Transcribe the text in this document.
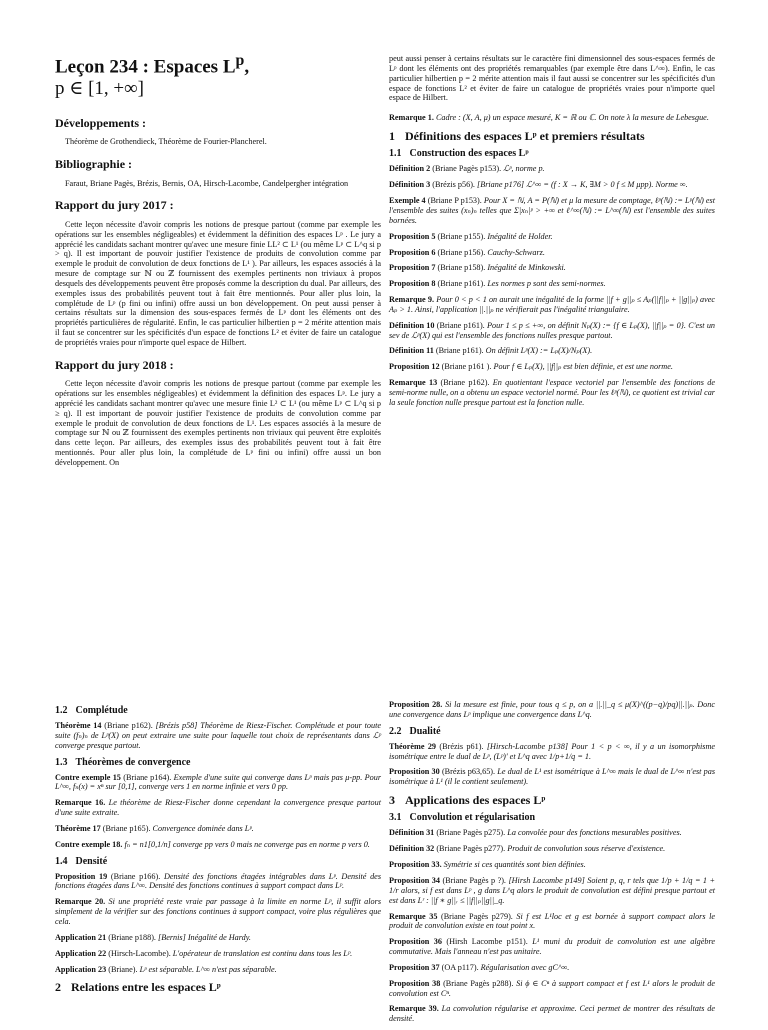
Leçon 234 : Espaces $L^p$,
p ∈ [1, +∞]
Développements :

Théorème de Grothendieck, Théorème de Fourier-Plancherel.

Bibliographie :

Faraut, Briane Pagès, Brézis, Bernis, OA, Hirsch-Lacombe, Candelpergher intégration

Rapport du jury 2017 :

Cette leçon nécessite d'avoir compris les notions de presque partout (comme par exemple les opérations sur les ensembles négligeables) et évidemment la définition des espaces Lᵖ . Le jury a apprécié les candidats sachant montrer qu'avec une mesure finie LL² ⊂ L¹ (ou même Lᵖ ⊂ L^q si p > q). Il est important de pouvoir justifier l'existence de produits de convolution comme par exemple le produit de convolution de deux fonctions de L¹ ). Par ailleurs, les espaces associés à la mesure de comptage sur ℕ ou ℤ fournissent des exemples pertinents non triviaux à propos desquels des développements peuvent être proposés comme la description du dual. Par ailleurs, des exemples issus des probabilités peuvent tout à fait être mentionnés. Pour aller plus loin, la complétude de Lᵖ (p fini ou infini) offre aussi un bon développement. On peut aussi penser à certains résultats sur la dimension des sous-espaces fermés de Lᵖ dont les éléments ont des propriétés particulières de régularité. Enfin, le cas particulier hilbertien p = 2 mérite attention mais il faut se concentrer sur les spécificités d'un espace de fonctions L² et éviter de faire un catalogue de propriétés vraies pour n'importe quel espace de Hilbert.

Rapport du jury 2018 :

Cette leçon nécessite d'avoir compris les notions de presque partout (comme par exemple les opérations sur les ensembles négligeables) et évidemment la définition des espaces Lᵖ. Le jury a apprécié les candidats sachant montrer qu'avec une mesure finie L² ⊂ L¹ (ou même Lᵖ ⊂ L^q si p ≥ q). Il est important de pouvoir justifier l'existence de produits de convolution comme par exemple le produit de convolution de deux fonctions de L¹. Les espaces associés à la mesure de comptage sur ℕ ou ℤ fournissent des exemples pertinents non triviaux qui peuvent être exploités dans cette leçon. Par ailleurs, des exemples issus des probabilités peuvent tout à fait être mentionnés. Pour aller plus loin, la complétude de Lᵖ fini ou infini) offre aussi un bon développement. On

peut aussi penser à certains résultats sur le caractère fini dimensionnel des sous-espaces fermés de Lᵖ dont les éléments ont des propriétés remarquables (par exemple être dans L^∞). Enfin, le cas particulier hilbertien p = 2 mérite attention mais il faut aussi se concentrer sur les spécificités d'un espace de fonctions L² et éviter de faire un catalogue de propriétés vraies pour n'importe quel espace de Hilbert.

Remarque 1. Cadre : (X, A, μ) un espace mesuré, K = ℝ ou ℂ. On note λ la mesure de Lebesgue.
1 Définitions des espaces Lᵖ et premiers résultats
1.1 Construction des espaces Lᵖ
Définition 2 (Briane Pagès p153). ℒᵖ, norme p.
Définition 3 (Brézis p56). [Briane p176] ℒ^∞ = (f : X → K, ∃M > 0 f ≤ M μpp). Norme ∞.
Exemple 4 (Briane P p153). Pour X = ℕ, A = P(ℕ) et μ la mesure de comptage, ℓᵖ(ℕ) := Lᵖ(ℕ) est l'ensemble des suites (xₙ)ₙ telles que Σ|xₙ|ᵖ > +∞ et ℓ^∞(ℕ) := L^∞(ℕ) est l'ensemble des suites bornées.
Proposition 5 (Briane p155). Inégalité de Holder.
Proposition 6 (Briane p156). Cauchy-Schwarz.
Proposition 7 (Briane p158). Inégalité de Minkowski.
Proposition 8 (Briane p161). Les normes p sont des semi-normes.
Remarque 9. Pour 0 < p < 1 on aurait une inégalité de la forme ||f + g||ₚ ≤ Aₚ(||f||ₚ + ||g||ₚ) avec Aₚ > 1. Ainsi, l'application ||.||ₚ ne vérifierait pas l'inégalité triangulaire.
Définition 10 (Briane p161). Pour 1 ≤ p ≤ +∞, on définit Nₚ(X) := {f ∈ Lₚ(X), ||f||ₚ = 0}. C'est un sev de ℒᵖ(X) qui est l'ensemble des fonctions nulles presque partout.
Définition 11 (Briane p161). On définit Lᵖ(X) := Lₚ(X)/Nₚ(X).
Proposition 12 (Briane p161 ). Pour f ∈ Lₚ(X), ||f||ₚ est bien définie, et est une norme.
Remarque 13 (Briane p162). En quotientant l'espace vectoriel par l'ensemble des fonctions de semi-norme nulle, on a obtenu un espace vectoriel normé. Pour les ℓᵖ(ℕ), ce quotient est trivial car la seule fonction nulle presque partout est la fonction nulle.
1.2 Complétude
Théorème 14 (Briane p162). [Brézis p58] Théorème de Riesz-Fischer. Complétude et pour toute suite (fₙ)ₙ de Lᵖ(X) on peut extraire une suite pour laquelle tout choix de représentants dans ℒᵖ converge presque partout.
1.3 Théorèmes de convergence
Contre exemple 15 (Briane p164). Exemple d'une suite qui converge dans Lᵖ mais pas μ-pp. Pour L^∞, fₙ(x) = xⁿ sur [0,1], converge vers 1 en norme infinie et vers 0 pp.
Remarque 16. Le théorème de Riesz-Fischer donne cependant la convergence presque partout d'une suite extraite.
Théorème 17 (Briane p165). Convergence dominée dans Lᵖ.
Contre exemple 18. fₙ = n1[0,1/n] converge pp vers 0 mais ne converge pas en norme p vers 0.
1.4 Densité
Proposition 19 (Briane p166). Densité des fonctions étagées intégrables dans Lᵖ. Densité des fonctions étagées dans L^∞. Densité des fonctions continues à support compact dans Lᵖ.
Remarque 20. Si une propriété reste vraie par passage à la limite en norme Lᵖ, il suffit alors simplement de la vérifier sur des fonctions continues à support compact, voire plus régulières que cela.
Application 21 (Briane p188). [Bernis] Inégalité de Hardy.
Application 22 (Hirsch-Lacombe). L'opérateur de translation est continu dans tous les Lᵖ.
Application 23 (Briane). Lᵖ est séparable. L^∞ n'est pas séparable.
2 Relations entre les espaces Lᵖ
Proposition 28. Si la mesure est finie, pour tous q ≤ p, on a ||.||_q ≤ μ(X)^((p−q)/pq)||.||ₚ. Donc une convergence dans Lᵖ implique une convergence dans L^q.
2.2 Dualité
Théorème 29 (Brézis p61). [Hirsch-Lacombe p138] Pour 1 < p < ∞, il y a un isomorphisme isométrique entre le dual de Lᵖ, (Lᵖ)' et L^q avec 1/p+1/q = 1.
Proposition 30 (Brézis p63,65). Le dual de L¹ est isométrique à L^∞ mais le dual de L^∞ n'est pas isométrique à L¹ (il le contient seulement).
3 Applications des espaces Lᵖ
3.1 Convolution et régularisation
Définition 31 (Briane Pagès p275). La convolée pour des fonctions mesurables positives.
Définition 32 (Briane Pagès p277). Produit de convolution sous réserve d'existence.
Proposition 33. Symétrie si ces quantités sont bien définies.
Proposition 34 (Briane Pagès p ?). [Hirsh Lacombe p149] Soient p, q, r tels que 1/p + 1/q = 1 + 1/r alors, si f est dans Lᵖ , g dans L^q alors le produit de convolution est défini presque partout et est dans Lʳ : ||f ∗ g||ᵣ ≤ ||f||ₚ||g||_q.
Remarque 35 (Briane Pagès p279). Si f est L¹loc et g est bornée à support compact alors le produit de convolution existe en tout point x.
Proposition 36 (Hirsh Lacombe p151). L¹ muni du produit de convolution est une algèbre commutative. Mais l'anneau n'est pas unitaire.
Proposition 37 (OA p117). Régularisation avec gC^∞.
Proposition 38 (Briane Pagès p288). Si ϕ ∈ Cⁿ à support compact et f est L¹ alors le produit de convolution est Cⁿ.
Remarque 39. La convolution régularise et approxime. Ceci permet de montrer des résultats de densité.
